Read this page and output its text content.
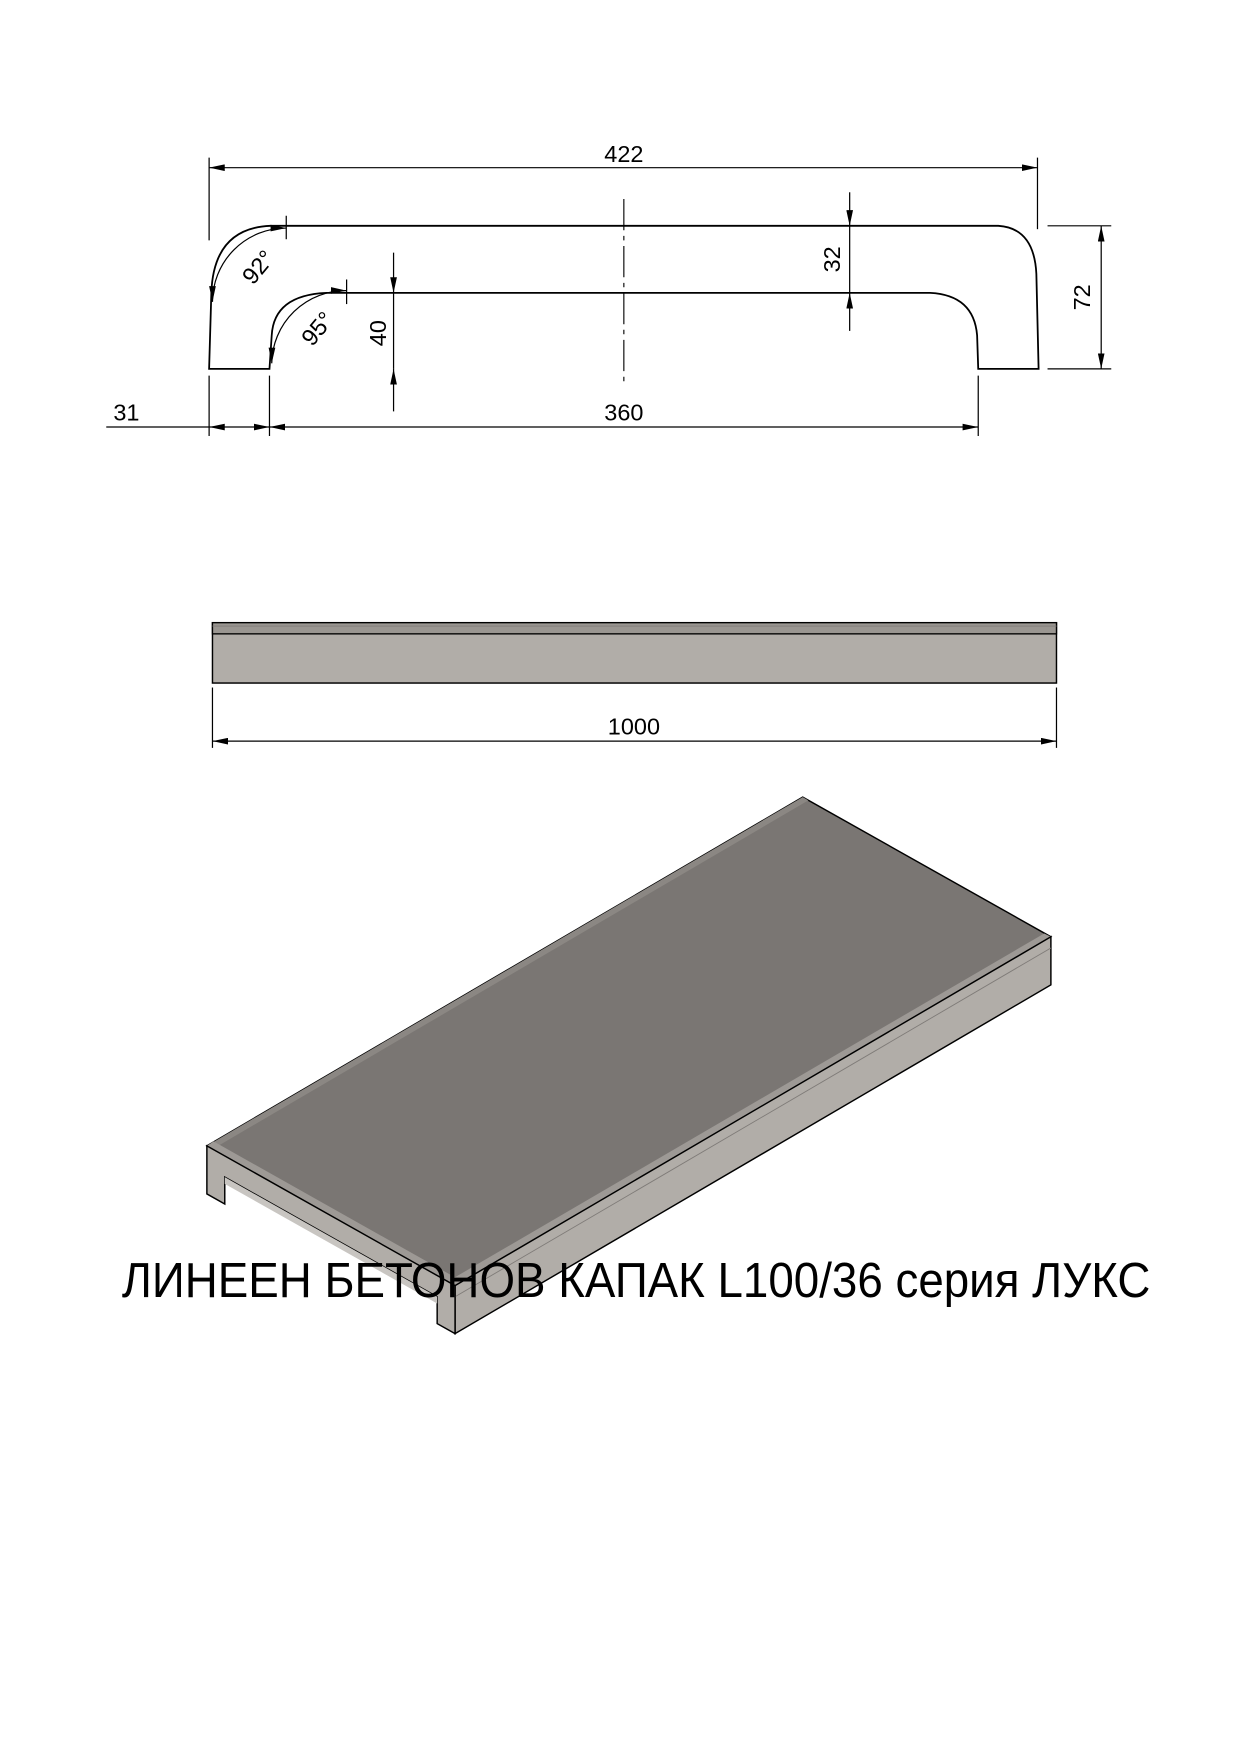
422
32
72
40
92°
95°
31	360
1000
ЛИНЕЕН БЕТОНОВ КАПАК L100/36 серия ЛУКС
